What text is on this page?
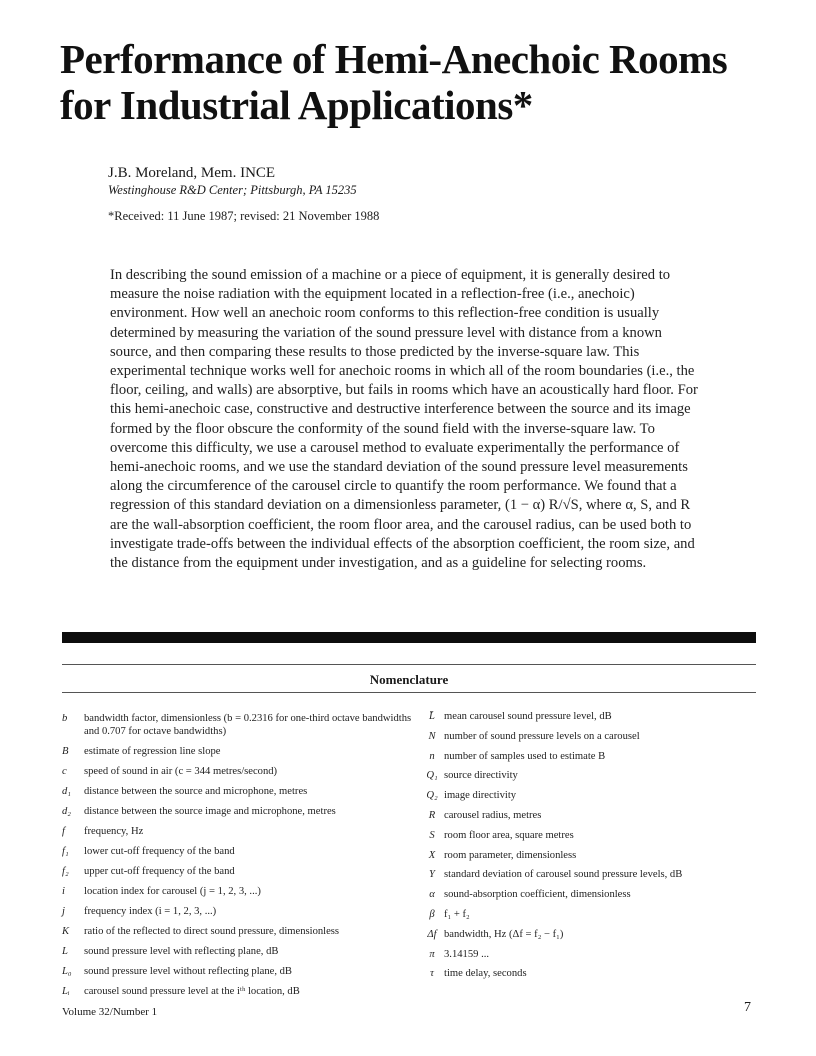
Performance of Hemi-Anechoic Rooms
for Industrial Applications*
J.B. Moreland, Mem. INCE
Westinghouse R&D Center; Pittsburgh, PA 15235
*Received: 11 June 1987; revised: 21 November 1988

In describing the sound emission of a machine or a piece of equipment, it is generally desired to measure the noise radiation with the equipment located in a reflection-free (i.e., anechoic) environment. How well an anechoic room conforms to this reflection-free condition is usually determined by measuring the variation of the sound pressure level with distance from a known source, and then comparing these results to those predicted by the inverse-square law. This experimental technique works well for anechoic rooms in which all of the room boundaries (i.e., the floor, ceiling, and walls) are absorptive, but fails in rooms which have an acoustically hard floor. For this hemi-anechoic case, constructive and destructive interference between the source and its image formed by the floor obscure the conformity of the sound field with the inverse-square law. To overcome this difficulty, we use a carousel method to evaluate experimentally the performance of hemi-anechoic rooms, and we use the standard deviation of the sound pressure level measurements along the circumference of the carousel circle to quantify the room performance. We found that a regression of this standard deviation on a dimensionless parameter, (1 − α) R/√S, where α, S, and R are the wall-absorption coefficient, the room floor area, and the carousel radius, can be used both to investigate trade-offs between the individual effects of the absorption coefficient, the room size, and the distance from the equipment under investigation, and as a guideline for selecting rooms.

Nomenclature
b	bandwidth factor, dimensionless (b = 0.2316 for one-third octave bandwidths and 0.707 for octave bandwidths)
B	estimate of regression line slope
c	speed of sound in air (c = 344 metres/second)
d₁	distance between the source and microphone, metres
d₂	distance between the source image and microphone, metres
f	frequency, Hz
f₁	lower cut-off frequency of the band
f₂	upper cut-off frequency of the band
i	location index for carousel (j = 1, 2, 3, ...)
j	frequency index (i = 1, 2, 3, ...)
K	ratio of the reflected to direct sound pressure, dimensionless
L	sound pressure level with reflecting plane, dB
L₀	sound pressure level without reflecting plane, dB
Lᵢ	carousel sound pressure level at the iᵗʰ location, dB
L̄ mean carousel sound pressure level, dB
N number of sound pressure levels on a carousel
n number of samples used to estimate B
Q₁ source directivity
Q₂ image directivity
R carousel radius, metres
S room floor area, square metres
X room parameter, dimensionless
Y standard deviation of carousel sound pressure levels, dB
α sound-absorption coefficient, dimensionless
β f₁ + f₂
Δf bandwidth, Hz (Δf = f₂ − f₁)
π 3.14159 ...
τ time delay, seconds
Volume 32/Number 1	7
